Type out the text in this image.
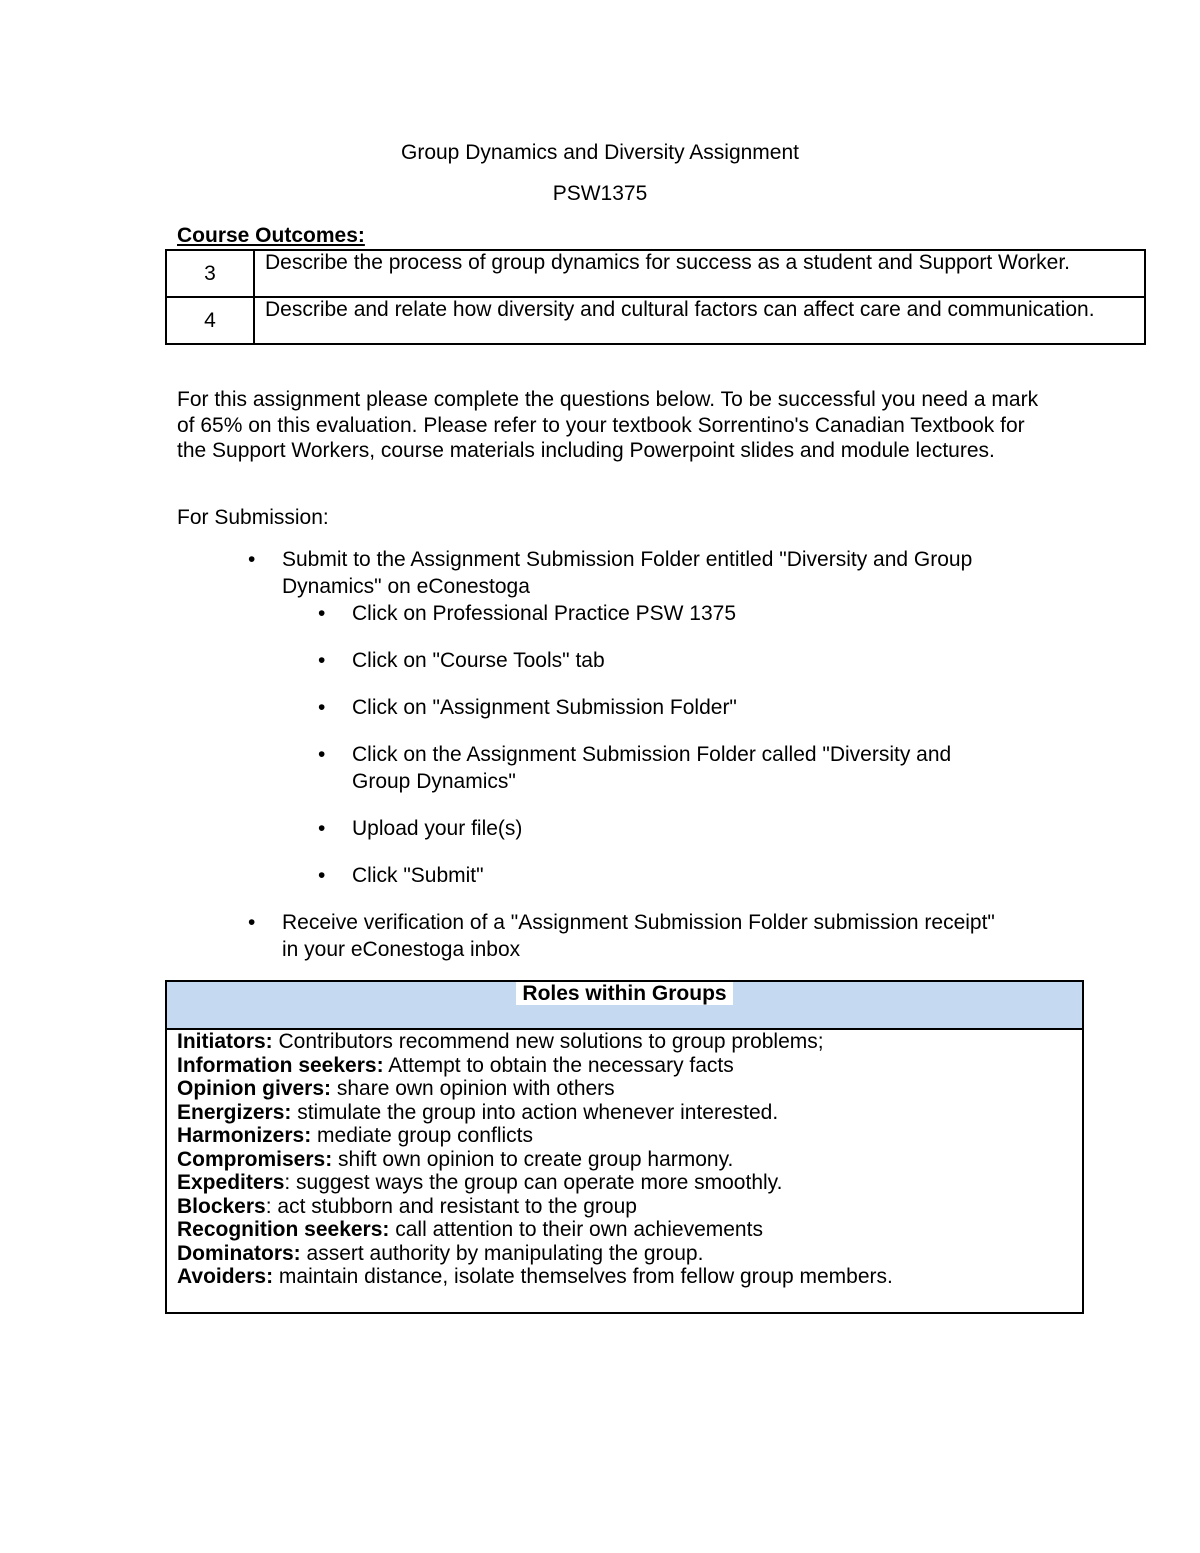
Group Dynamics and Diversity Assignment
PSW1375
Course Outcomes:
3	Describe the process of group dynamics for success as a student and Support Worker.
4	Describe and relate how diversity and cultural factors can affect care and communication.
For this assignment please complete the questions below. To be successful you need a mark of 65% on this evaluation. Please refer to your textbook Sorrentino's Canadian Textbook for the Support Workers, course materials including Powerpoint slides and module lectures.
For Submission:
• Submit to the Assignment Submission Folder entitled "Diversity and Group Dynamics" on eConestoga
• Click on Professional Practice PSW 1375
• Click on "Course Tools" tab
• Click on "Assignment Submission Folder"
• Click on the Assignment Submission Folder called "Diversity and Group Dynamics"
• Upload your file(s)
• Click "Submit"
• Receive verification of a "Assignment Submission Folder submission receipt" in your eConestoga inbox
Roles within Groups
Initiators: Contributors recommend new solutions to group problems;
Information seekers: Attempt to obtain the necessary facts
Opinion givers: share own opinion with others
Energizers: stimulate the group into action whenever interested.
Harmonizers: mediate group conflicts
Compromisers: shift own opinion to create group harmony.
Expediters: suggest ways the group can operate more smoothly.
Blockers: act stubborn and resistant to the group
Recognition seekers: call attention to their own achievements
Dominators: assert authority by manipulating the group.
Avoiders: maintain distance, isolate themselves from fellow group members.
